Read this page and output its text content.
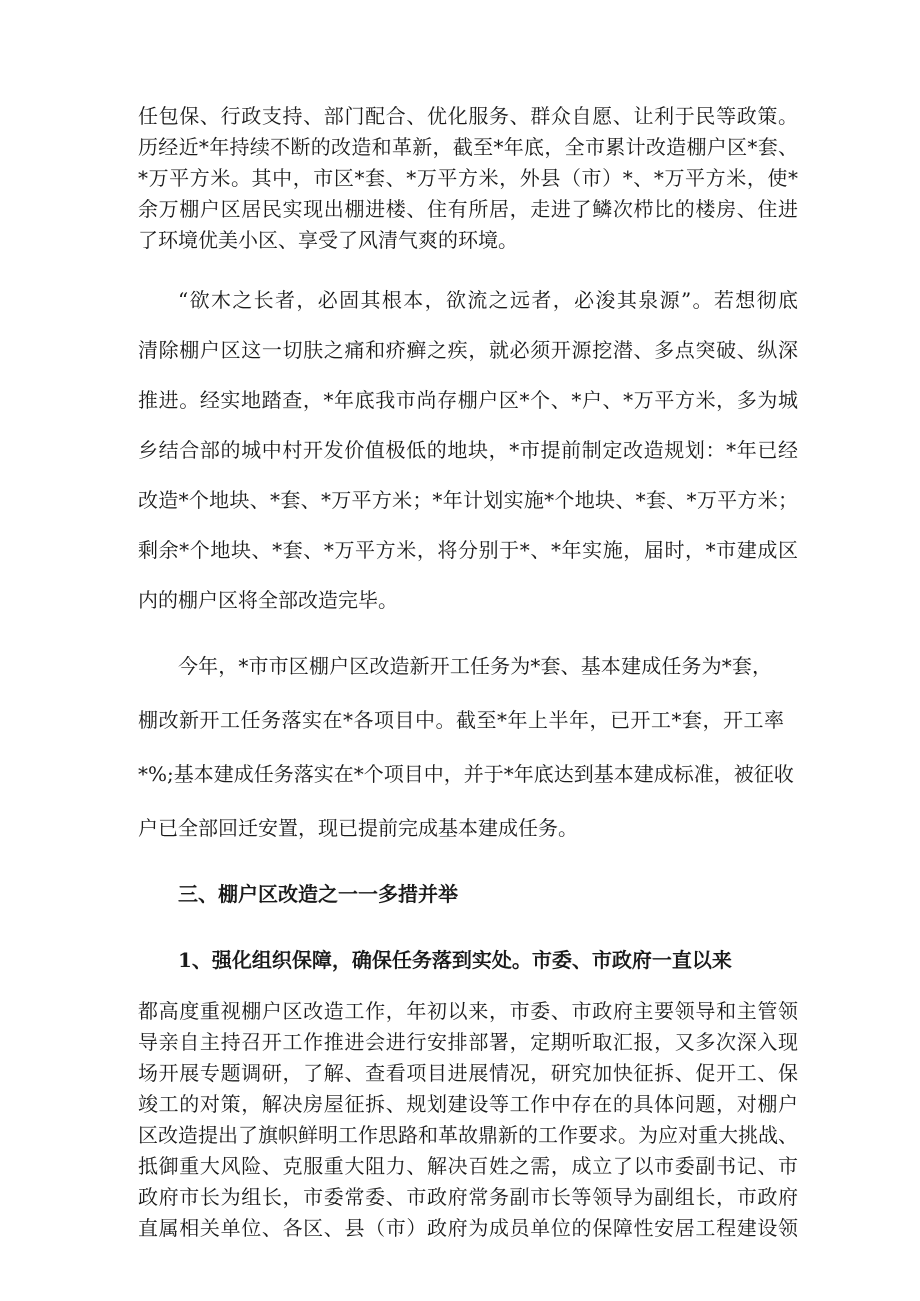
任包保、行政支持、部门配合、优化服务、群众自愿、让利于民等政策。
历经近*年持续不断的改造和革新，截至*年底，全市累计改造棚户区*套、
*万平方米。其中，市区*套、*万平方米，外县（市）*、*万平方米，使*
余万棚户区居民实现出棚进楼、住有所居，走进了鳞次栉比的楼房、住进
了环境优美小区、享受了风清气爽的环境。
“欲木之长者，必固其根本，欲流之远者，必浚其泉源”。若想彻底
清除棚户区这一切肤之痛和疥癣之疾，就必须开源挖潜、多点突破、纵深
推进。经实地踏查，*年底我市尚存棚户区*个、*户、*万平方米，多为城
乡结合部的城中村开发价值极低的地块，*市提前制定改造规划：*年已经
改造*个地块、*套、*万平方米；*年计划实施*个地块、*套、*万平方米；
剩余*个地块、*套、*万平方米，将分别于*、*年实施，届时，*市建成区
内的棚户区将全部改造完毕。
今年，*市市区棚户区改造新开工任务为*套、基本建成任务为*套，
棚改新开工任务落实在*各项目中。截至*年上半年，已开工*套，开工率
*%;基本建成任务落实在*个项目中，并于*年底达到基本建成标准，被征收
户已全部回迁安置，现已提前完成基本建成任务。
三、棚户区改造之一一多措并举
1、强化组织保障，确保任务落到实处。市委、市政府一直以来
都高度重视棚户区改造工作，年初以来，市委、市政府主要领导和主管领
导亲自主持召开工作推进会进行安排部署，定期听取汇报，又多次深入现
场开展专题调研，了解、查看项目进展情况，研究加快征拆、促开工、保
竣工的对策，解决房屋征拆、规划建设等工作中存在的具体问题，对棚户
区改造提出了旗帜鲜明工作思路和革故鼎新的工作要求。为应对重大挑战、
抵御重大风险、克服重大阻力、解决百姓之需，成立了以市委副书记、市
政府市长为组长，市委常委、市政府常务副市长等领导为副组长，市政府
直属相关单位、各区、县（市）政府为成员单位的保障性安居工程建设领
